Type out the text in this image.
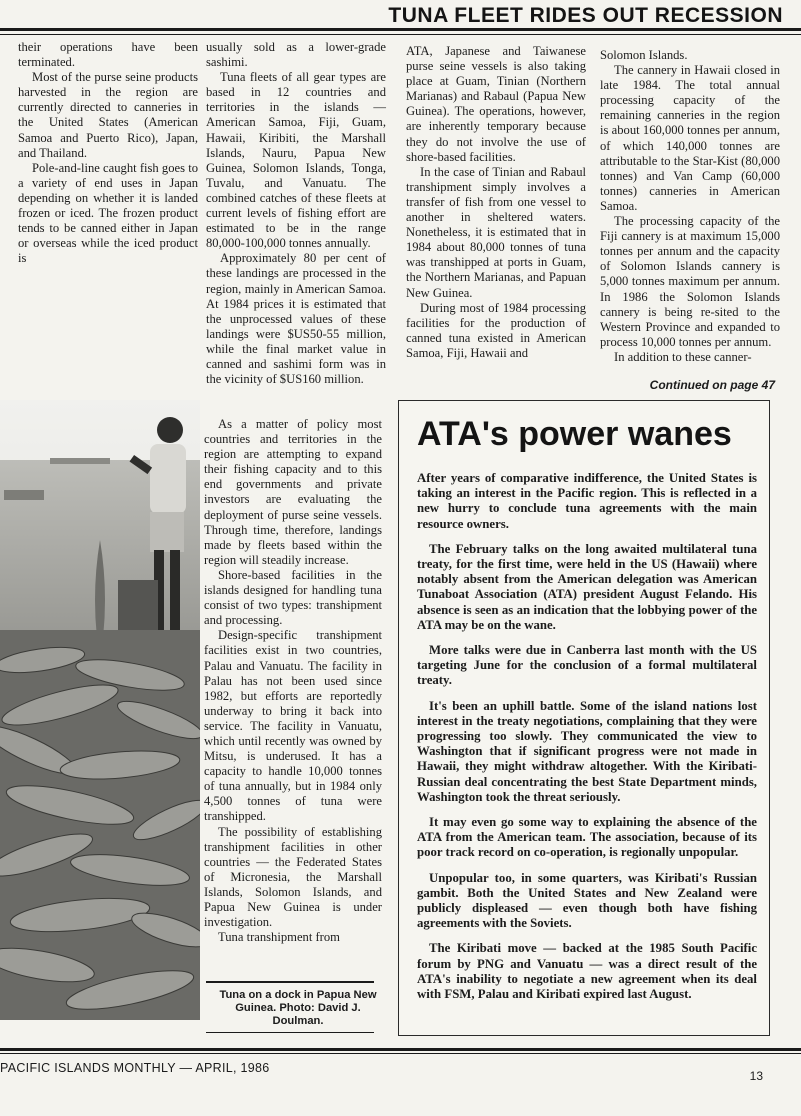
TUNA FLEET RIDES OUT RECESSION

their operations have been terminated.

Most of the purse seine products harvested in the region are currently directed to canneries in the United States (American Samoa and Puerto Rico), Japan, and Thailand.

Pole-and-line caught fish goes to a variety of end uses in Japan depending on whether it is landed frozen or iced. The frozen product tends to be canned either in Japan or overseas while the iced product is

usually sold as a lower-grade sashimi.

Tuna fleets of all gear types are based in 12 countries and territories in the islands — American Samoa, Fiji, Guam, Hawaii, Kiribiti, the Marshall Islands, Nauru, Papua New Guinea, Solomon Islands, Tonga, Tuvalu, and Vanuatu. The combined catches of these fleets at current levels of fishing effort are estimated to be in the range 80,000-100,000 tonnes annually.

Approximately 80 per cent of these landings are processed in the region, mainly in American Samoa. At 1984 prices it is estimated that the unprocessed values of these landings were $US50-55 million, while the final market value in canned and sashimi form was in the vicinity of $US160 million.

As a matter of policy most countries and territories in the region are attempting to expand their fishing capacity and to this end governments and private investors are evaluating the deployment of purse seine vessels. Through time, therefore, landings made by fleets based within the region will steadily increase.

Shore-based facilities in the islands designed for handling tuna consist of two types: transhipment and processing.

Design-specific transhipment facilities exist in two countries, Palau and Vanuatu. The facility in Palau has not been used since 1982, but efforts are reportedly underway to bring it back into service. The facility in Vanuatu, which until recently was owned by Mitsu, is underused. It has a capacity to handle 10,000 tonnes of tuna annually, but in 1984 only 4,500 tonnes of tuna were transhipped.

The possibility of establishing transhipment facilities in other countries — the Federated States of Micronesia, the Marshall Islands, Solomon Islands, and Papua New Guinea is under investigation.

Tuna transhipment from

ATA, Japanese and Taiwanese purse seine vessels is also taking place at Guam, Tinian (Northern Marianas) and Rabaul (Papua New Guinea). The operations, however, are inherently temporary because they do not involve the use of shore-based facilities.

In the case of Tinian and Rabaul transhipment simply involves a transfer of fish from one vessel to another in sheltered waters. Nonetheless, it is estimated that in 1984 about 80,000 tonnes of tuna was transhipped at ports in Guam, the Northern Marianas, and Papuan New Guinea.

During most of 1984 processing facilities for the production of canned tuna existed in American Samoa, Fiji, Hawaii and

Solomon Islands.

The cannery in Hawaii closed in late 1984. The total annual processing capacity of the remaining canneries in the region is about 160,000 tonnes per annum, of which 140,000 tonnes are attributable to the Star-Kist (80,000 tonnes) and Van Camp (60,000 tonnes) canneries in American Samoa.

The processing capacity of the Fiji cannery is at maximum 15,000 tonnes per annum and the capacity of Solomon Islands cannery is 5,000 tonnes maximum per annum. In 1986 the Solomon Islands cannery is being re-sited to the Western Province and expanded to process 10,000 tonnes per annum.

In addition to these canner-

Continued on page 47
Tuna on a dock in Papua New Guinea. Photo: David J. Doulman.
ATA's power wanes

After years of comparative indifference, the United States is taking an interest in the Pacific region. This is reflected in a new hurry to conclude tuna agreements with the main resource owners.

The February talks on the long awaited multilateral tuna treaty, for the first time, were held in the US (Hawaii) where notably absent from the American delegation was American Tunaboat Association (ATA) president August Felando. His absence is seen as an indication that the lobbying power of the ATA may be on the wane.

More talks were due in Canberra last month with the US targeting June for the conclusion of a formal multilateral treaty.

It's been an uphill battle. Some of the island nations lost interest in the treaty negotiations, complaining that they were progressing too slowly. They communicated the view to Washington that if significant progress were not made in Hawaii, they might withdraw altogether. With the Kiribati-Russian deal concentrating the best State Department minds, Washington took the threat seriously.

It may even go some way to explaining the absence of the ATA from the American team. The association, because of its poor track record on co-operation, is regionally unpopular.

Unpopular too, in some quarters, was Kiribati's Russian gambit. Both the United States and New Zealand were publicly displeased — even though both have fishing agreements with the Soviets.

The Kiribati move — backed at the 1985 South Pacific forum by PNG and Vanuatu — was a direct result of the ATA's inability to negotiate a new agreement when its deal with FSM, Palau and Kiribati expired last August.

PACIFIC ISLANDS MONTHLY — APRIL, 1986
13
